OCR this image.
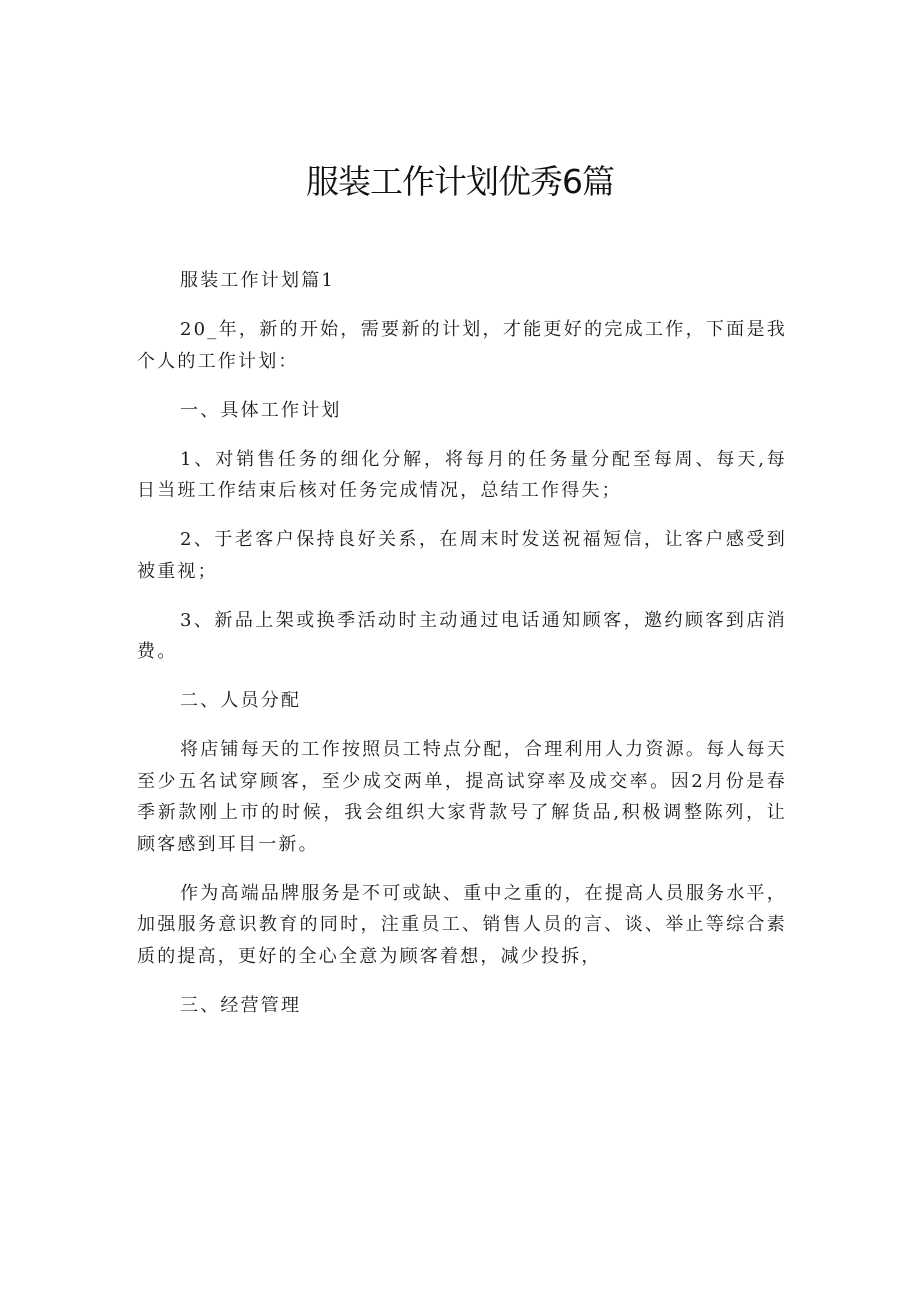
服装工作计划优秀6篇

服装工作计划篇1

20_年，新的开始，需要新的计划，才能更好的完成工作，下面是我个人的工作计划：

一、具体工作计划

1、对销售任务的细化分解，将每月的任务量分配至每周、每天,每日当班工作结束后核对任务完成情况，总结工作得失；

2、于老客户保持良好关系，在周末时发送祝福短信，让客户感受到被重视；

3、新品上架或换季活动时主动通过电话通知顾客，邀约顾客到店消费。

二、人员分配

将店铺每天的工作按照员工特点分配，合理利用人力资源。每人每天至少五名试穿顾客，至少成交两单，提高试穿率及成交率。因2月份是春季新款刚上市的时候，我会组织大家背款号了解货品,积极调整陈列，让顾客感到耳目一新。

作为高端品牌服务是不可或缺、重中之重的，在提高人员服务水平，加强服务意识教育的同时，注重员工、销售人员的言、谈、举止等综合素质的提高，更好的全心全意为顾客着想，减少投拆，

三、经营管理
